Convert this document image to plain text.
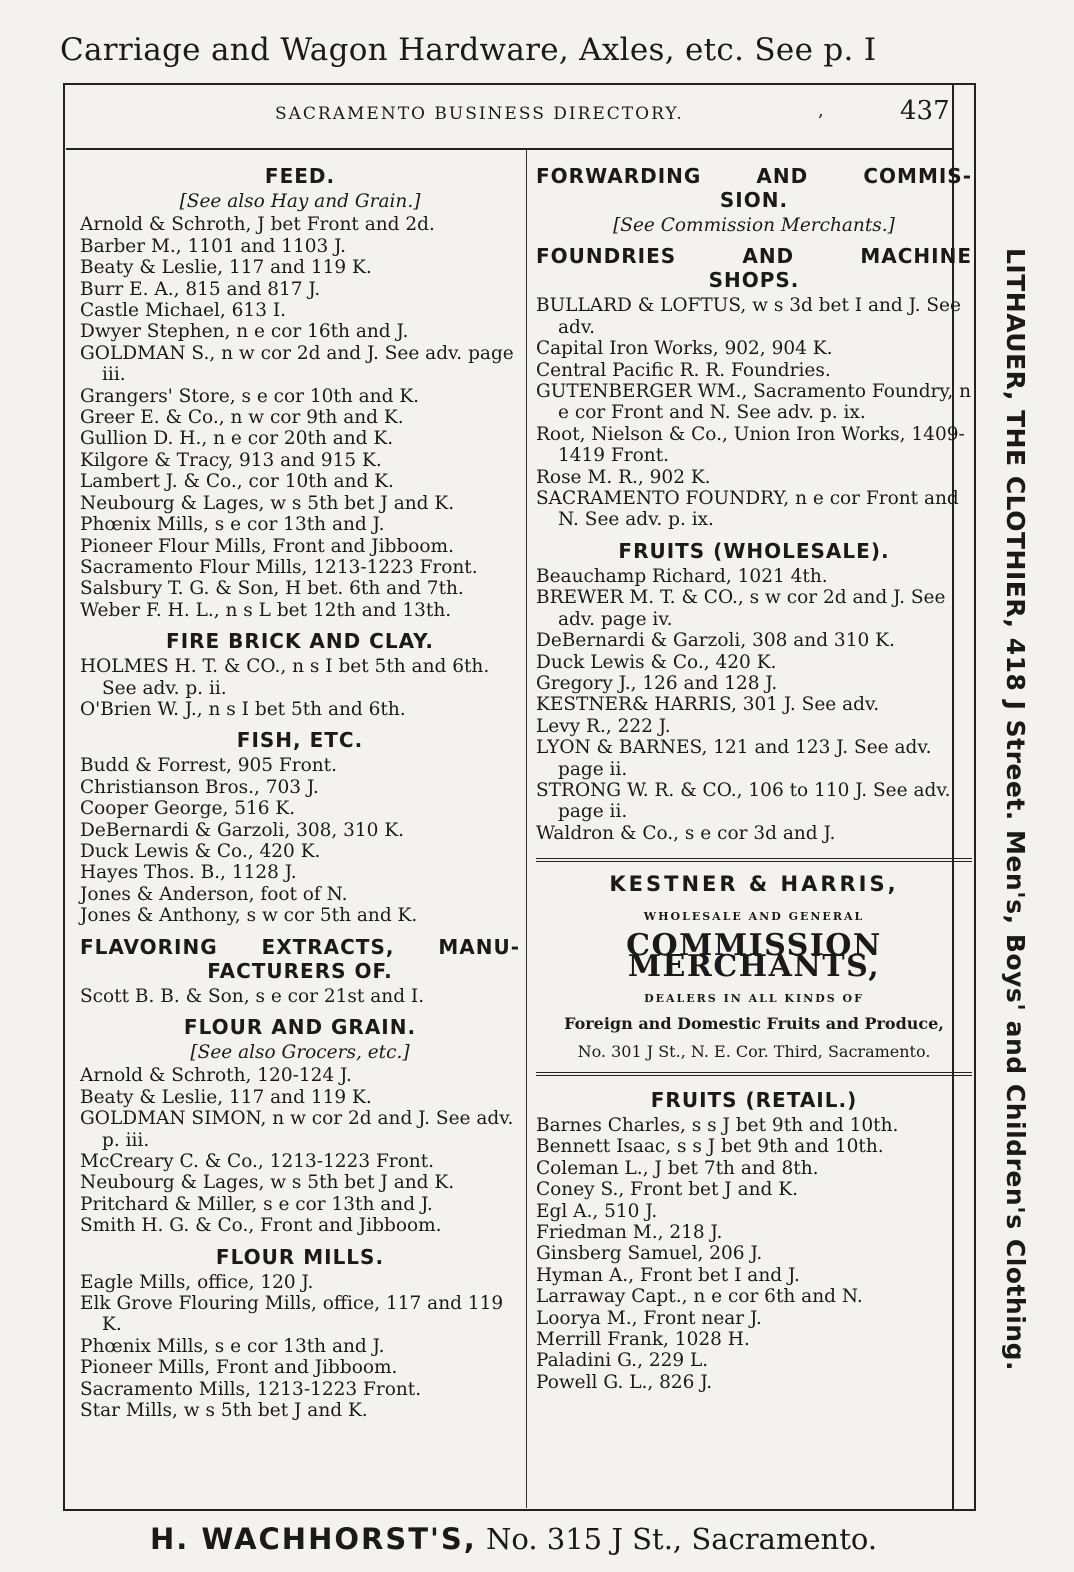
Carriage and Wagon Hardware, Axles, etc. See p. I
SACRAMENTO BUSINESS DIRECTORY.	,	437
FEED.
[See also Hay and Grain.]
Arnold & Schroth, J bet Front and 2d.
Barber M., 1101 and 1103 J.
Beaty & Leslie, 117 and 119 K.
Burr E. A., 815 and 817 J.
Castle Michael, 613 I.
Dwyer Stephen, n e cor 16th and J.
GOLDMAN S., n w cor 2d and J. See adv. page iii.
Grangers' Store, s e cor 10th and K.
Greer E. & Co., n w cor 9th and K.
Gullion D. H., n e cor 20th and K.
Kilgore & Tracy, 913 and 915 K.
Lambert J. & Co., cor 10th and K.
Neubourg & Lages, w s 5th bet J and K.
Phœnix Mills, s e cor 13th and J.
Pioneer Flour Mills, Front and Jibboom.
Sacramento Flour Mills, 1213-1223 Front.
Salsbury T. G. & Son, H bet. 6th and 7th.
Weber F. H. L., n s L bet 12th and 13th.
FIRE BRICK AND CLAY.
HOLMES H. T. & CO., n s I bet 5th and 6th. See adv. p. ii.
O'Brien W. J., n s I bet 5th and 6th.
FISH, ETC.
Budd & Forrest, 905 Front.
Christianson Bros., 703 J.
Cooper George, 516 K.
DeBernardi & Garzoli, 308, 310 K.
Duck Lewis & Co., 420 K.
Hayes Thos. B., 1128 J.
Jones & Anderson, foot of N.
Jones & Anthony, s w cor 5th and K.
FLAVORING EXTRACTS, MANU-
FACTURERS OF.
Scott B. B. & Son, s e cor 21st and I.
FLOUR AND GRAIN.
[See also Grocers, etc.]
Arnold & Schroth, 120-124 J.
Beaty & Leslie, 117 and 119 K.
GOLDMAN SIMON, n w cor 2d and J. See adv. p. iii.
McCreary C. & Co., 1213-1223 Front.
Neubourg & Lages, w s 5th bet J and K.
Pritchard & Miller, s e cor 13th and J.
Smith H. G. & Co., Front and Jibboom.
FLOUR MILLS.
Eagle Mills, office, 120 J.
Elk Grove Flouring Mills, office, 117 and 119 K.
Phœnix Mills, s e cor 13th and J.
Pioneer Mills, Front and Jibboom.
Sacramento Mills, 1213-1223 Front.
Star Mills, w s 5th bet J and K.
FORWARDING AND COMMIS-
SION.
[See Commission Merchants.]
FOUNDRIES AND MACHINE
SHOPS.
BULLARD & LOFTUS, w s 3d bet I and J. See adv.
Capital Iron Works, 902, 904 K.
Central Pacific R. R. Foundries.
GUTENBERGER WM., Sacramento Foundry, n e cor Front and N. See adv. p. ix.
Root, Nielson & Co., Union Iron Works, 1409-1419 Front.
Rose M. R., 902 K.
SACRAMENTO FOUNDRY, n e cor Front and N. See adv. p. ix.
FRUITS (WHOLESALE).
Beauchamp Richard, 1021 4th.
BREWER M. T. & CO., s w cor 2d and J. See adv. page iv.
DeBernardi & Garzoli, 308 and 310 K.
Duck Lewis & Co., 420 K.
Gregory J., 126 and 128 J.
KESTNER& HARRIS, 301 J. See adv.
Levy R., 222 J.
LYON & BARNES, 121 and 123 J. See adv. page ii.
STRONG W. R. & CO., 106 to 110 J. See adv. page ii.
Waldron & Co., s e cor 3d and J.
KESTNER & HARRIS,
WHOLESALE AND GENERAL
COMMISSION MERCHANTS,
DEALERS IN ALL KINDS OF
Foreign and Domestic Fruits and Produce,
No. 301 J St., N. E. Cor. Third, Sacramento.
FRUITS (RETAIL.)
Barnes Charles, s s J bet 9th and 10th.
Bennett Isaac, s s J bet 9th and 10th.
Coleman L., J bet 7th and 8th.
Coney S., Front bet J and K.
Egl A., 510 J.
Friedman M., 218 J.
Ginsberg Samuel, 206 J.
Hyman A., Front bet I and J.
Larraway Capt., n e cor 6th and N.
Loorya M., Front near J.
Merrill Frank, 1028 H.
Paladini G., 229 L.
Powell G. L., 826 J.
LITHAUER, THE CLOTHIER, 418 J Street. Men's, Boys' and Children's Clothing.
H. WACHHORST'S, No. 315 J St., Sacramento.
